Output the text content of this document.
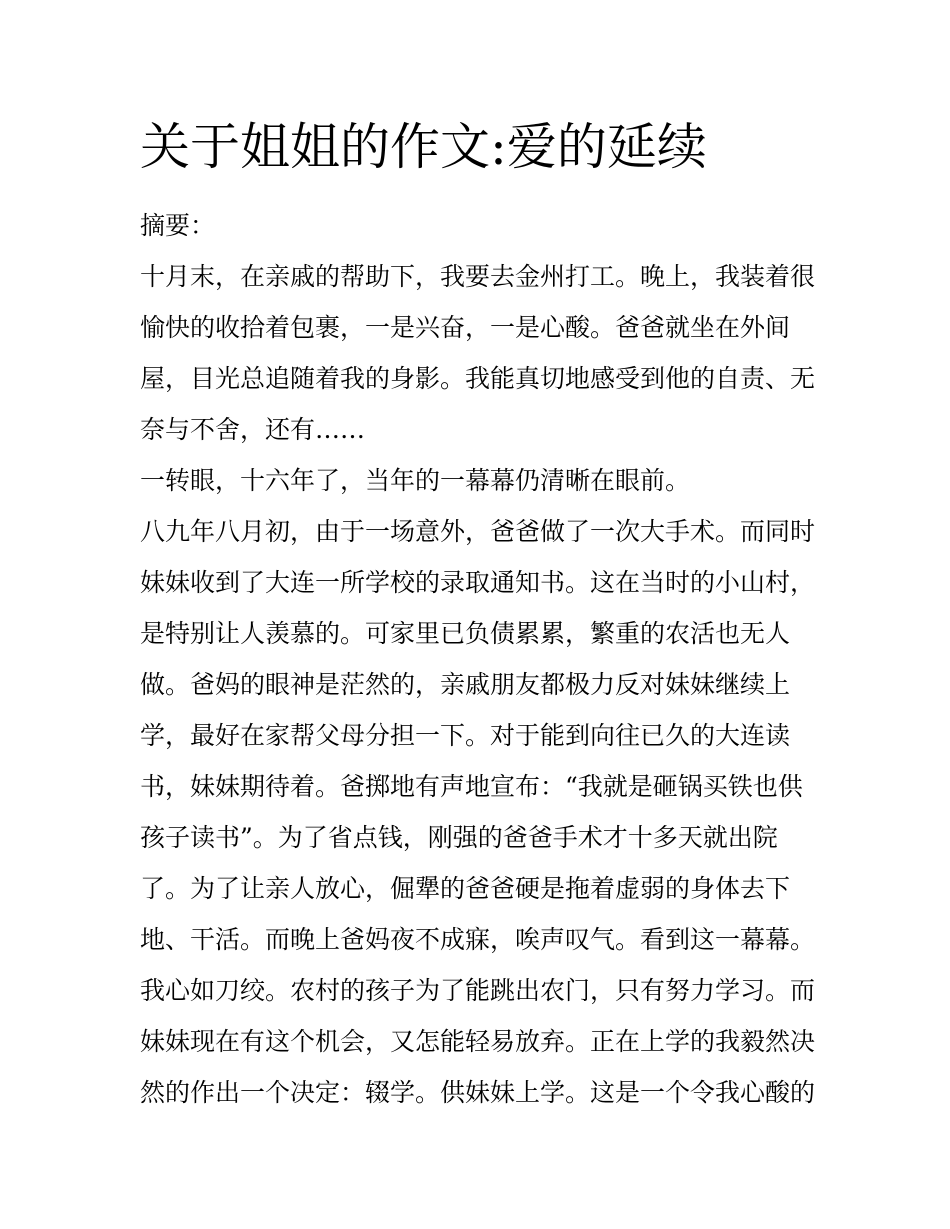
关于姐姐的作文:爱的延续
摘要：
十月末，在亲戚的帮助下，我要去金州打工。晚上，我装着很
愉快的收拾着包裹，一是兴奋，一是心酸。爸爸就坐在外间
屋，目光总追随着我的身影。我能真切地感受到他的自责、无
奈与不舍，还有……
一转眼，十六年了，当年的一幕幕仍清晰在眼前。
八九年八月初，由于一场意外，爸爸做了一次大手术。而同时
妹妹收到了大连一所学校的录取通知书。这在当时的小山村，
是特别让人羡慕的。可家里已负债累累，繁重的农活也无人
做。爸妈的眼神是茫然的，亲戚朋友都极力反对妹妹继续上
学，最好在家帮父母分担一下。对于能到向往已久的大连读
书，妹妹期待着。爸掷地有声地宣布：“我就是砸锅买铁也供
孩子读书”。为了省点钱，刚强的爸爸手术才十多天就出院
了。为了让亲人放心，倔犟的爸爸硬是拖着虚弱的身体去下
地、干活。而晚上爸妈夜不成寐，唉声叹气。看到这一幕幕。
我心如刀绞。农村的孩子为了能跳出农门，只有努力学习。而
妹妹现在有这个机会，又怎能轻易放弃。正在上学的我毅然决
然的作出一个决定：辍学。供妹妹上学。这是一个令我心酸的
